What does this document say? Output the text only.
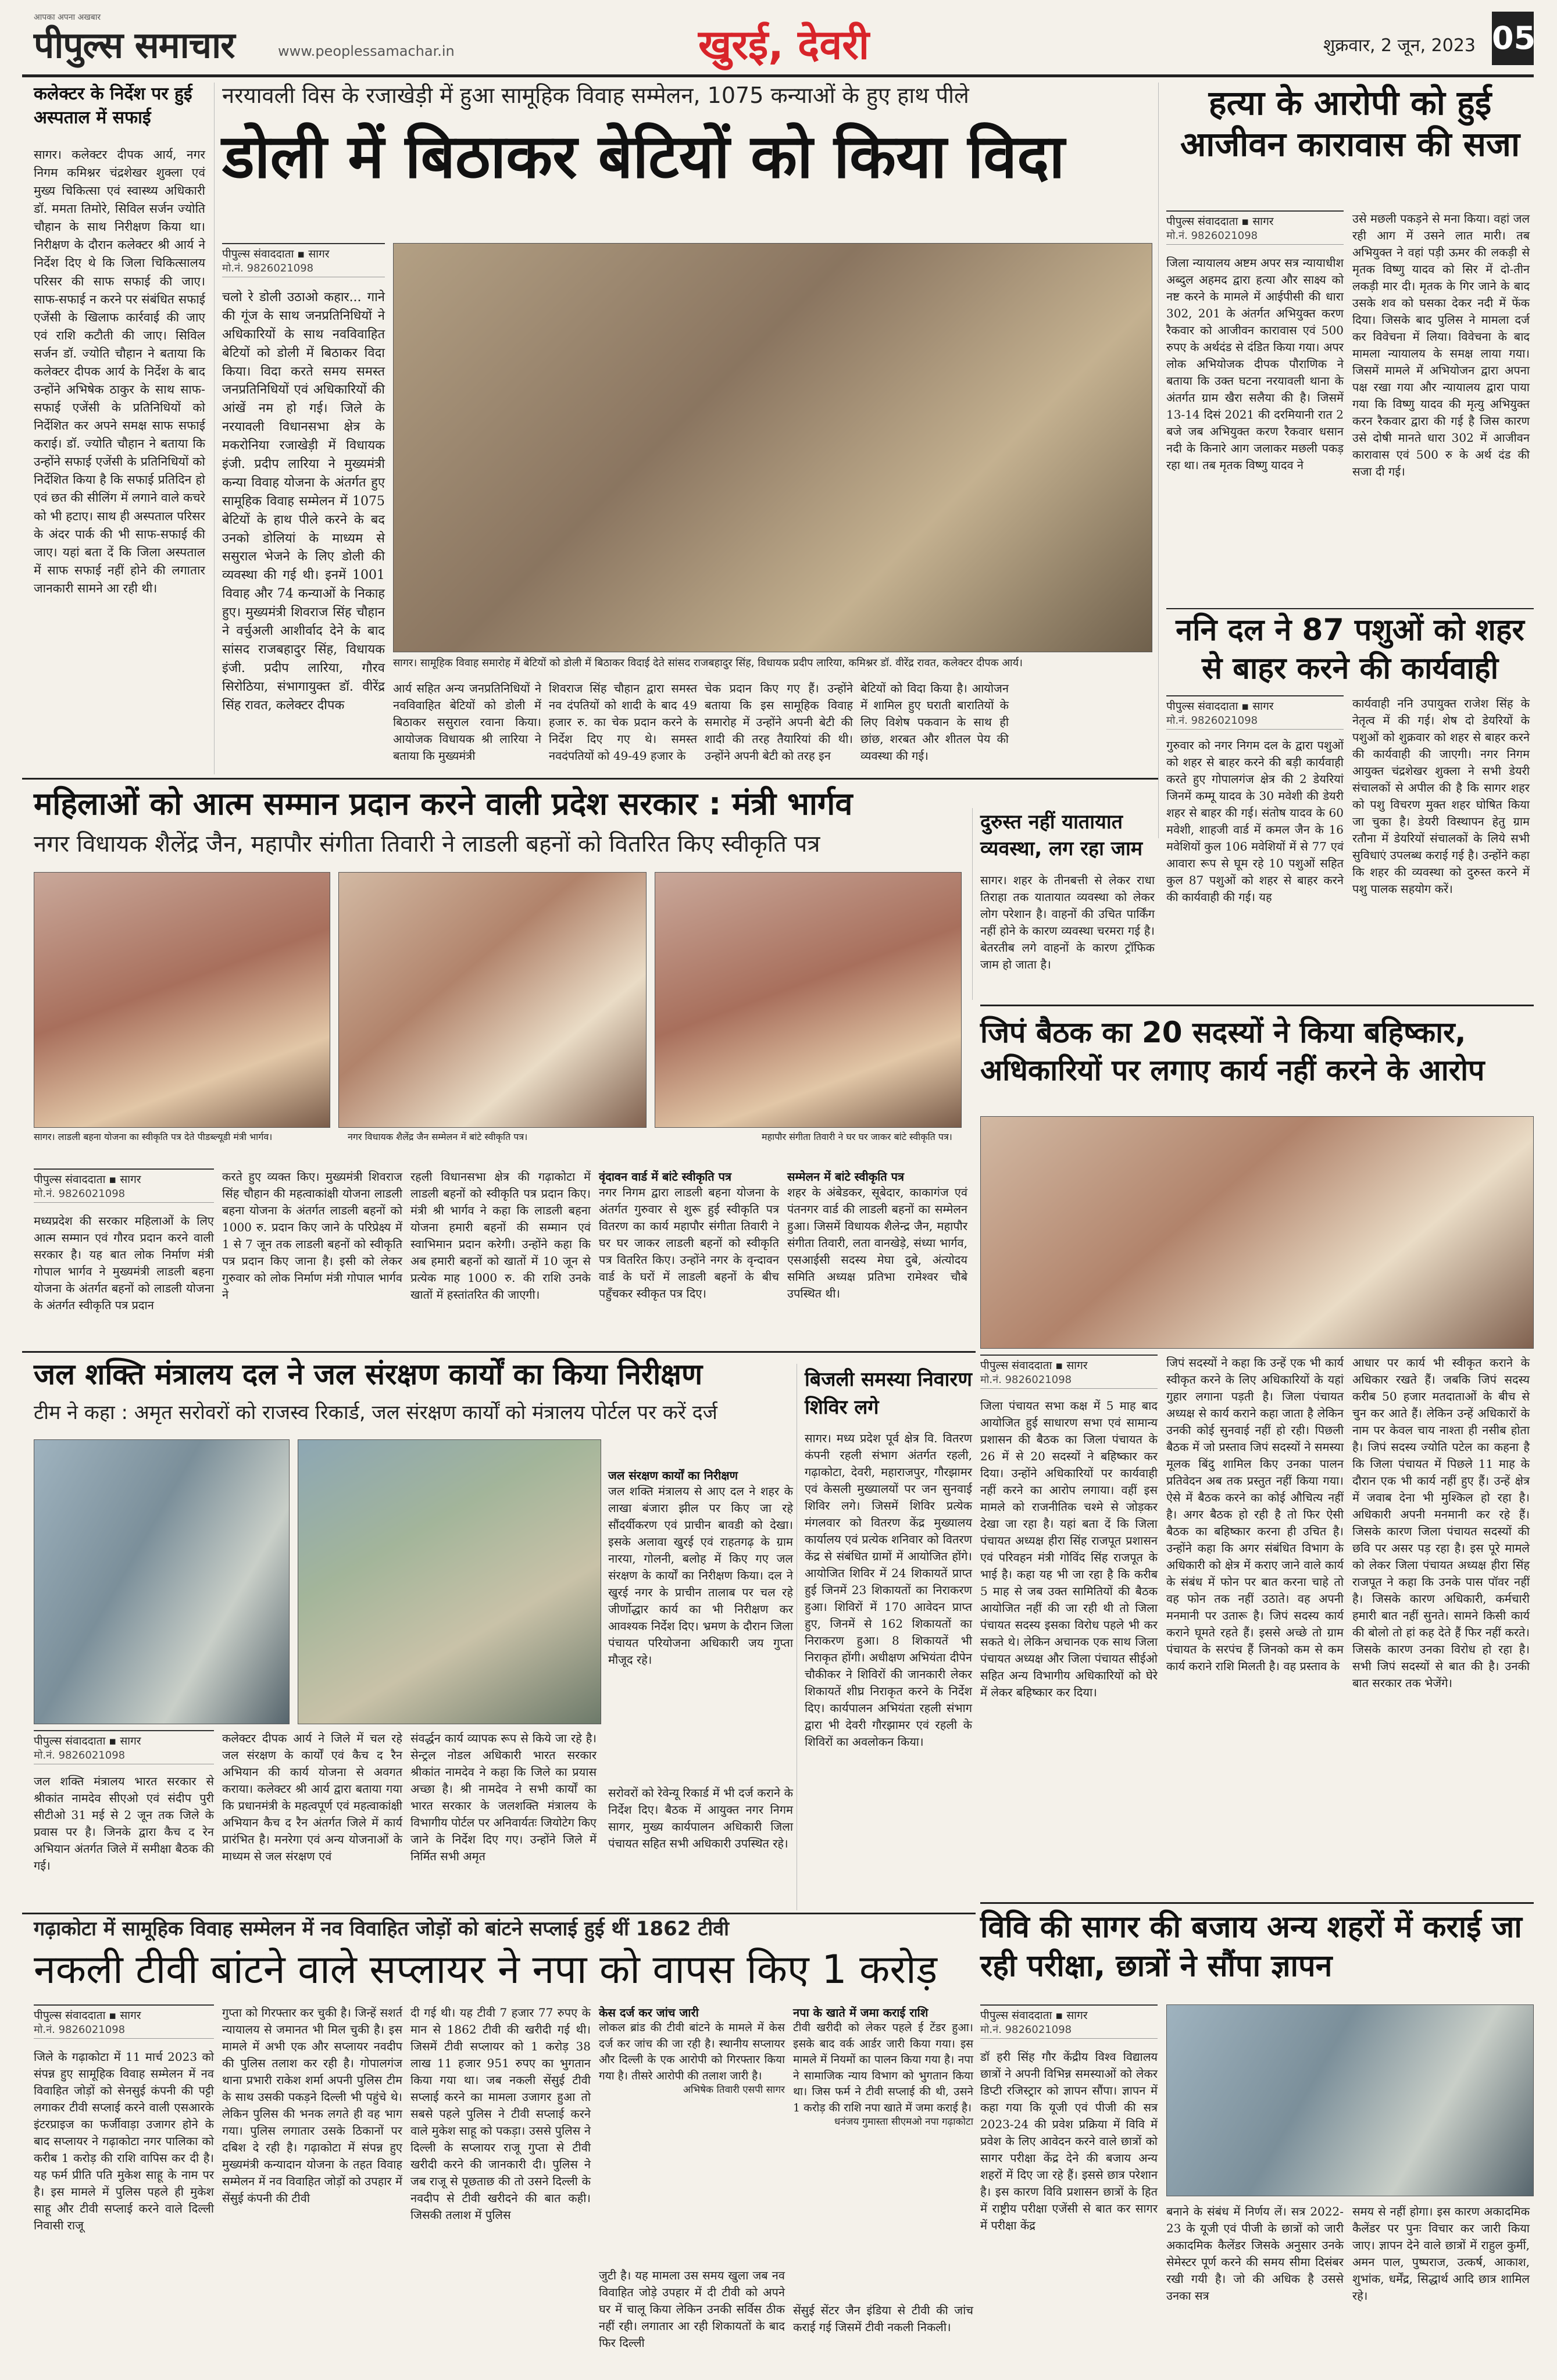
आपका अपना अखबार
पीपुल्स समाचार	www.peoplessamachar.in	खुरई, देवरी	शुक्रवार, 2 जून, 2023 05
कलेक्टर के निर्देश पर हुई अस्पताल में सफाई
सागर। कलेक्टर दीपक आर्य, नगर निगम कमिश्नर चंद्रशेखर शुक्ला एवं मुख्य चिकित्सा एवं स्वास्थ्य अधिकारी डॉ. ममता तिमोरे, सिविल सर्जन ज्योति चौहान के साथ निरीक्षण किया था। निरीक्षण के दौरान कलेक्टर श्री आर्य ने निर्देश दिए थे कि जिला चिकित्सालय परिसर की साफ सफाई की जाए। साफ-सफाई न करने पर संबंधित सफाई एजेंसी के खिलाफ कार्रवाई की जाए एवं राशि कटौती की जाए। सिविल सर्जन डॉ. ज्योति चौहान ने बताया कि कलेक्टर दीपक आर्य के निर्देश के बाद उन्होंने अभिषेक ठाकुर के साथ साफ-सफाई एजेंसी के प्रतिनिधियों को निर्देशित कर अपने समक्ष साफ सफाई कराई। डॉ. ज्योति चौहान ने बताया कि उन्होंने सफाई एजेंसी के प्रतिनिधियों को निर्देशित किया है कि सफाई प्रतिदिन हो एवं छत की सीलिंग में लगाने वाले कचरे को भी हटाए। साथ ही अस्पताल परिसर के अंदर पार्क की भी साफ-सफाई की जाए। यहां बता दें कि जिला अस्पताल में साफ सफाई नहीं होने की लगातार जानकारी सामने आ रही थी।
नरयावली विस के रजाखेड़ी में हुआ सामूहिक विवाह सम्मेलन, 1075 कन्याओं के हुए हाथ पीले
डोली में बिठाकर बेटियों को किया विदा
पीपुल्स संवाददाता ▪ सागर
मो.नं. 9826021098
चलो रे डोली उठाओ कहार... गाने की गूंज के साथ जनप्रतिनिधियों ने अधिकारियों के साथ नवविवाहित बेटियों को डोली में बिठाकर विदा किया। विदा करते समय समस्त जनप्रतिनिधियों एवं अधिकारियों की आंखें नम हो गई। जिले के नरयावली विधानसभा क्षेत्र के मकरोनिया रजाखेड़ी में विधायक इंजी. प्रदीप लारिया ने मुख्यमंत्री कन्या विवाह योजना के अंतर्गत हुए सामूहिक विवाह सम्मेलन में 1075 बेटियों के हाथ पीले करने के बद उनको डोलियां के माध्यम से ससुराल भेजने के लिए डोली की व्यवस्था की गई थी। इनमें 1001 विवाह और 74 कन्याओं के निकाह हुए। मुख्यमंत्री शिवराज सिंह चौहान ने वर्चुअली आशीर्वाद देने के बाद सांसद राजबहादुर सिंह, विधायक इंजी. प्रदीप लारिया, गौरव सिरोठिया, संभागायुक्त डॉ. वीरेंद्र सिंह रावत, कलेक्टर दीपक
सागर। सामूहिक विवाह समारोह में बेटियों को डोली में बिठाकर विदाई देते सांसद राजबहादुर सिंह, विधायक प्रदीप लारिया, कमिश्नर डॉ. वीरेंद्र रावत, कलेक्टर दीपक आर्य।
आर्य सहित अन्य जनप्रतिनिधियों ने नवविवाहित बेटियों को डोली में बिठाकर ससुराल रवाना किया। आयोजक विधायक श्री लारिया ने बताया कि मुख्यमंत्री
शिवराज सिंह चौहान द्वारा समस्त नव दंपतियों को शादी के बाद 49 हजार रु. का चेक प्रदान करने के निर्देश दिए गए थे। समस्त नवदंपतियों को 49-49 हजार के
चेक प्रदान किए गए हैं। उन्होंने बताया कि इस सामूहिक विवाह समारोह में उन्होंने अपनी बेटी की शादी की तरह तैयारियां की थी। उन्होंने अपनी बेटी को तरह इन
बेटियों को विदा किया है। आयोजन में शामिल हुए घराती बारातियों के लिए विशेष पकवान के साथ ही छांछ, शरबत और शीतल पेय की व्यवस्था की गई।
हत्या के आरोपी को हुई आजीवन कारावास की सजा
पीपुल्स संवाददाता ▪ सागर
मो.नं. 9826021098
जिला न्यायालय अष्टम अपर सत्र न्यायाधीश अब्दुल अहमद द्वारा हत्या और साक्ष्य को नष्ट करने के मामले में आईपीसी की धारा 302, 201 के अंतर्गत अभियुक्त करण रैकवार को आजीवन कारावास एवं 500 रुपए के अर्थदंड से दंडित किया गया। अपर लोक अभियोजक दीपक पौराणिक ने बताया कि उक्त घटना नरयावली थाना के अंतर्गत ग्राम खैरा सलैया की है। जिसमें 13-14 दिसं 2021 की दरमियानी रात 2 बजे जब अभियुक्त करण रैकवार धसान नदी के किनारे आग जलाकर मछली पकड़ रहा था। तब मृतक विष्णु यादव ने
उसे मछली पकड़ने से मना किया। वहां जल रही आग में उसने लात मारी। तब अभियुक्त ने वहां पड़ी ऊमर की लकड़ी से मृतक विष्णु यादव को सिर में दो-तीन लकड़ी मार दी। मृतक के गिर जाने के बाद उसके शव को घसका देकर नदी में फेंक दिया। जिसके बाद पुलिस ने मामला दर्ज कर विवेचना में लिया। विवेचना के बाद मामला न्यायालय के समक्ष लाया गया। जिसमें मामले में अभियोजन द्वारा अपना पक्ष रखा गया और न्यायालय द्वारा पाया गया कि विष्णु यादव की मृत्यु अभियुक्त करन रैकवार द्वारा की गई है जिस कारण उसे दोषी मानते धारा 302 में आजीवन कारावास एवं 500 रु के अर्थ दंड की सजा दी गई।
ननि दल ने 87 पशुओं को शहर से बाहर करने की कार्यवाही
पीपुल्स संवाददाता ▪ सागर
मो.नं. 9826021098
गुरुवार को नगर निगम दल के द्वारा पशुओं को शहर से बाहर करने की बड़ी कार्यवाही करते हुए गोपालगंज क्षेत्र की 2 डेयरियां जिनमें कम्मू यादव के 30 मवेशी की डेयरी शहर से बाहर की गई। संतोष यादव के 60 मवेशी, शाहजी वार्ड में कमल जैन के 16 मवेशियों कुल 106 मवेशियों में से 77 एवं आवारा रूप से घूम रहे 10 पशुओं सहित कुल 87 पशुओं को शहर से बाहर करने की कार्यवाही की गई। यह
कार्यवाही ननि उपायुक्त राजेश सिंह के नेतृत्व में की गई। शेष दो डेयरियों के पशुओं को शुक्रवार को शहर से बाहर करने की कार्यवाही की जाएगी। नगर निगम आयुक्त चंद्रशेखर शुक्ला ने सभी डेयरी संचालकों से अपील की है कि सागर शहर को पशु विचरण मुक्त शहर घोषित किया जा चुका है। डेयरी विस्थापन हेतु ग्राम रतौना में डेयरियों संचालकों के लिये सभी सुविधाएं उपलब्ध कराई गई है। उन्होंने कहा कि शहर की व्यवस्था को दुरुस्त करने में पशु पालक सहयोग करें।
महिलाओं को आत्म सम्मान प्रदान करने वाली प्रदेश सरकार : मंत्री भार्गव
नगर विधायक शैलेंद्र जैन, महापौर संगीता तिवारी ने लाडली बहनों को वितरित किए स्वीकृति पत्र
सागर। लाडली बहना योजना का स्वीकृति पत्र देते पीडब्ल्यूडी मंत्री भार्गव।	नगर विधायक शैलेंद्र जैन सम्मेलन में बांटे स्वीकृति पत्र।	महापौर संगीता तिवारी ने घर घर जाकर बांटे स्वीकृति पत्र।
पीपुल्स संवाददाता ▪ सागर
मो.नं. 9826021098
मध्यप्रदेश की सरकार महिलाओं के लिए आत्म सम्मान एवं गौरव प्रदान करने वाली सरकार है। यह बात लोक निर्माण मंत्री गोपाल भार्गव ने मुख्यमंत्री लाडली बहना योजना के अंतर्गत बहनों को लाडली योजना के अंतर्गत स्वीकृति पत्र प्रदान
करते हुए व्यक्त किए। मुख्यमंत्री शिवराज सिंह चौहान की महत्वाकांक्षी योजना लाडली बहना योजना के अंतर्गत लाडली बहनों को 1000 रु. प्रदान किए जाने के परिप्रेक्ष्य में 1 से 7 जून तक लाडली बहनों को स्वीकृति पत्र प्रदान किए जाना है। इसी को लेकर गुरुवार को लोक निर्माण मंत्री गोपाल भार्गव ने
रहली विधानसभा क्षेत्र की गढ़ाकोटा में लाडली बहनों को स्वीकृति पत्र प्रदान किए। मंत्री श्री भार्गव ने कहा कि लाडली बहना योजना हमारी बहनों की सम्मान एवं स्वाभिमान प्रदान करेगी। उन्होंने कहा कि अब हमारी बहनों को खातों में 10 जून से प्रत्येक माह 1000 रु. की राशि उनके खातों में हस्तांतरित की जाएगी।
वृंदावन वार्ड में बांटे स्वीकृति पत्र
नगर निगम द्वारा लाडली बहना योजना के अंतर्गत गुरुवार से शुरू हुई स्वीकृति पत्र वितरण का कार्य महापौर संगीता तिवारी ने घर घर जाकर लाडली बहनों को स्वीकृति पत्र वितरित किए। उन्होंने नगर के वृन्दावन वार्ड के घरों में लाडली बहनों के बीच पहुँचकर स्वीकृत पत्र दिए।
सम्मेलन में बांटे स्वीकृति पत्र
शहर के अंबेडकर, सूबेदार, काकागंज एवं पंतनगर वार्ड की लाडली बहनों का सम्मेलन हुआ। जिसमें विधायक शैलेन्द्र जैन, महापौर संगीता तिवारी, लता वानखेड़े, संध्या भार्गव, एसआईसी सदस्य मेघा दुबे, अंत्योदय समिति अध्यक्ष प्रतिभा रामेश्वर चौबे उपस्थित थी।
दुरुस्त नहीं यातायात व्यवस्था, लग रहा जाम
सागर। शहर के तीनबत्ती से लेकर राधा तिराहा तक यातायात व्यवस्था को लेकर लोग परेशान है। वाहनों की उचित पार्किंग नहीं होने के कारण व्यवस्था चरमरा गई है। बेतरतीब लगे वाहनों के कारण ट्रॉफिक जाम हो जाता है।
जिपं बैठक का 20 सदस्यों ने किया बहिष्कार, अधिकारियों पर लगाए कार्य नहीं करने के आरोप
पीपुल्स संवाददाता ▪ सागर
मो.नं. 9826021098
जिला पंचायत सभा कक्ष में 5 माह बाद आयोजित हुई साधारण सभा एवं सामान्य प्रशासन की बैठक का जिला पंचायत के 26 में से 20 सदस्यों ने बहिष्कार कर दिया। उन्होंने अधिकारियों पर कार्यवाही नहीं करने का आरोप लगाया। वहीं इस मामले को राजनीतिक चश्मे से जोड़कर देखा जा रहा है। यहां बता दें कि जिला पंचायत अध्यक्ष हीरा सिंह राजपूत प्रशासन एवं परिवहन मंत्री गोविंद सिंह राजपूत के भाई है। कहा यह भी जा रहा है कि करीब 5 माह से जब उक्त सामितियों की बैठक आयोजित नहीं की जा रही थी तो जिला पंचायत सदस्य इसका विरोध पहले भी कर सकते थे। लेकिन अचानक एक साथ जिला पंचायत अध्यक्ष और जिला पंचायत सीईओ सहित अन्य विभागीय अधिकारियों को घेरे में लेकर बहिष्कार कर दिया।
जिपं सदस्यों ने कहा कि उन्हें एक भी कार्य स्वीकृत करने के लिए अधिकारियों के यहां गुहार लगाना पड़ती है। जिला पंचायत अध्यक्ष से कार्य कराने कहा जाता है लेकिन उनकी कोई सुनवाई नहीं हो रही। पिछली बैठक में जो प्रस्ताव जिपं सदस्यों ने समस्या मूलक बिंदु शामिल किए उनका पालन प्रतिवेदन अब तक प्रस्तुत नहीं किया गया। ऐसे में बैठक करने का कोई औचित्य नहीं है। अगर बैठक हो रही है तो फिर ऐसी बैठक का बहिष्कार करना ही उचित है। उन्होंने कहा कि अगर संबंधित विभाग के अधिकारी को क्षेत्र में कराए जाने वाले कार्य के संबंध में फोन पर बात करना चाहे तो वह फोन तक नहीं उठाते। वह अपनी मनमानी पर उतारू है। जिपं सदस्य कार्य कराने घूमते रहते हैं। इससे अच्छे तो ग्राम पंचायत के सरपंच हैं जिनको कम से कम कार्य कराने राशि मिलती है। वह प्रस्ताव के
आधार पर कार्य भी स्वीकृत कराने के अधिकार रखते हैं। जबकि जिपं सदस्य करीब 50 हजार मतदाताओं के बीच से चुन कर आते हैं। लेकिन उन्हें अधिकारों के नाम पर केवल चाय नाश्ता ही नसीब होता है। जिपं सदस्य ज्योति पटेल का कहना है कि जिला पंचायत में पिछले 11 माह के दौरान एक भी कार्य नहीं हुए हैं। उन्हें क्षेत्र में जवाब देना भी मुश्किल हो रहा है। अधिकारी अपनी मनमानी कर रहे हैं। जिसके कारण जिला पंचायत सदस्यों की छवि पर असर पड़ रहा है। इस पूरे मामले को लेकर जिला पंचायत अध्यक्ष हीरा सिंह राजपूत ने कहा कि उनके पास पॉवर नहीं है। जिसके कारण अधिकारी, कर्मचारी हमारी बात नहीं सुनते। सामने किसी कार्य की बोलो तो हां कह देते हैं फिर नहीं करते। जिसके कारण उनका विरोध हो रहा है। सभी जिपं सदस्यों से बात की है। उनकी बात सरकार तक भेजेंगे।
जल शक्ति मंत्रालय दल ने जल संरक्षण कार्यों का किया निरीक्षण
टीम ने कहा : अमृत सरोवरों को राजस्व रिकार्ड, जल संरक्षण कार्यों को मंत्रालय पोर्टल पर करें दर्ज
जल संरक्षण कार्यों का निरीक्षण
जल शक्ति मंत्रालय से आए दल ने शहर के लाखा बंजारा झील पर किए जा रहे सौंदर्यीकरण एवं प्राचीन बावडी को देखा। इसके अलावा खुरई एवं राहतगढ़ के ग्राम नारया, गोलनी, बलोह में किए गए जल संरक्षण के कार्यों का निरीक्षण किया। दल ने खुरई नगर के प्राचीन तालाब पर चल रहे जीर्णोद्धार कार्य का भी निरीक्षण कर आवश्यक निर्देश दिए। भ्रमण के दौरान जिला पंचायत परियोजना अधिकारी जय गुप्ता मौजूद रहे।
पीपुल्स संवाददाता ▪ सागर
मो.नं. 9826021098
जल शक्ति मंत्रालय भारत सरकार से श्रीकांत नामदेव सीएओ एवं संदीप पुरी सीटीओ 31 मई से 2 जून तक जिले के प्रवास पर है। जिनके द्वारा कैच द रेन अभियान अंतर्गत जिले में समीक्षा बैठक की गई।
कलेक्टर दीपक आर्य ने जिले में चल रहे जल संरक्षण के कार्यों एवं कैच द रैन अभियान की कार्य योजना से अवगत कराया। कलेक्टर श्री आर्य द्वारा बताया गया कि प्रधानमंत्री के महत्वपूर्ण एवं महत्वाकांक्षी अभियान कैच द रैन अंतर्गत जिले में कार्य प्रारंभित है। मनरेगा एवं अन्य योजनाओं के माध्यम से जल संरक्षण एवं
संवर्द्धन कार्य व्यापक रूप से किये जा रहे है। सेन्ट्रल नोडल अधिकारी भारत सरकार श्रीकांत नामदेव ने कहा कि जिले का प्रयास अच्छा है। श्री नामदेव ने सभी कार्यों का भारत सरकार के जलशक्ति मंत्रालय के विभागीय पोर्टल पर अनिवार्यतः जियोटेग किए जाने के निर्देश दिए गए। उन्होंने जिले में निर्मित सभी अमृत
सरोवरों को रेवेन्यू रिकार्ड में भी दर्ज कराने के निर्देश दिए। बैठक में आयुक्त नगर निगम सागर, मुख्य कार्यपालन अधिकारी जिला पंचायत सहित सभी अधिकारी उपस्थित रहे।
बिजली समस्या निवारण शिविर लगे
सागर। मध्य प्रदेश पूर्व क्षेत्र वि. वितरण कंपनी रहली संभाग अंतर्गत रहली, गढ़ाकोटा, देवरी, महाराजपुर, गौरझामर एवं केसली मुख्यालयों पर जन सुनवाई शिविर लगे। जिसमें शिविर प्रत्येक मंगलवार को वितरण केंद्र मुख्यालय कार्यालय एवं प्रत्येक शनिवार को वितरण केंद्र से संबंधित ग्रामों में आयोजित होंगे। आयोजित शिविर में 24 शिकायतें प्राप्त हुई जिनमें 23 शिकायतों का निराकरण हुआ। शिविरों में 170 आवेदन प्राप्त हुए, जिनमें से 162 शिकायतों का निराकरण हुआ। 8 शिकायतें भी निराकृत होंगी। अधीक्षण अभियंता दीपेन चौकीकर ने शिविरों की जानकारी लेकर शिकायतें शीघ्र निराकृत करने के निर्देश दिए। कार्यपालन अभियंता रहली संभाग द्वारा भी देवरी गौरझामर एवं रहली के शिविरों का अवलोकन किया।
गढ़ाकोटा में सामूहिक विवाह सम्मेलन में नव विवाहित जोड़ों को बांटने सप्लाई हुई थीं 1862 टीवी
नकली टीवी बांटने वाले सप्लायर ने नपा को वापस किए 1 करोड़
पीपुल्स संवाददाता ▪ सागर
मो.नं. 9826021098
जिले के गढ़ाकोटा में 11 मार्च 2023 को संपन्न हुए सामूहिक विवाह सम्मेलन में नव विवाहित जोड़ों को सेनसुई कंपनी की पट्टी लगाकर टीवी सप्लाई करने वाली एसआरके इंटरप्राइज का फर्जीवाड़ा उजागर होने के बाद सप्लायर ने गढ़ाकोटा नगर पालिका को करीब 1 करोड़ की राशि वापिस कर दी है। यह फर्म प्रीति पति मुकेश साहू के नाम पर है। इस मामले में पुलिस पहले ही मुकेश साहू और टीवी सप्लाई करने वाले दिल्ली निवासी राजू
गुप्ता को गिरफ्तार कर चुकी है। जिन्हें सशर्त न्यायालय से जमानत भी मिल चुकी है। इस मामले में अभी एक और सप्लायर नवदीप की पुलिस तलाश कर रही है। गोपालगंज थाना प्रभारी राकेश शर्मा अपनी पुलिस टीम के साथ उसकी पकड़ने दिल्ली भी पहुंचे थे। लेकिन पुलिस की भनक लगते ही वह भाग गया। पुलिस लगातार उसके ठिकानों पर दबिश दे रही है। गढ़ाकोटा में संपन्न हुए मुख्यमंत्री कन्यादान योजना के तहत विवाह सम्मेलन में नव विवाहित जोड़ों को उपहार में सेंसुई कंपनी की टीवी
दी गई थी। यह टीवी 7 हजार 77 रुपए के मान से 1862 टीवी की खरीदी गई थी। जिसमें टीवी सप्लायर को 1 करोड़ 38 लाख 11 हजार 951 रुपए का भुगतान किया गया था। जब नकली सेंसुई टीवी सप्लाई करने का मामला उजागर हुआ तो सबसे पहले पुलिस ने टीवी सप्लाई करने वाले मुकेश साहू को पकड़ा। उससे पुलिस ने दिल्ली के सप्लायर राजू गुप्ता से टीवी खरीदी करने की जानकारी दी। पुलिस ने जब राजू से पूछताछ की तो उसने दिल्ली के नवदीप से टीवी खरीदने की बात कही। जिसकी तलाश में पुलिस
केस दर्ज कर जांच जारी
लोकल ब्रांड की टीवी बांटने के मामले में केस दर्ज कर जांच की जा रही है। स्थानीय सप्लायर और दिल्ली के एक आरोपी को गिरफ्तार किया गया है। तीसरे आरोपी की तलाश जारी है।
अभिषेक तिवारी एसपी सागर
जुटी है। यह मामला उस समय खुला जब नव विवाहित जोड़े उपहार में दी टीवी को अपने घर में चालू किया लेकिन उनकी सर्विस ठीक नहीं रही। लगातार आ रही शिकायतों के बाद फिर दिल्ली
नपा के खाते में जमा कराई राशि
टीवी खरीदी को लेकर पहले ई टेंडर हुआ। इसके बाद वर्क आर्डर जारी किया गया। इस मामले में नियमों का पालन किया गया है। नपा ने सामाजिक न्याय विभाग को भुगतान किया था। जिस फर्म ने टीवी सप्लाई की थी, उसने 1 करोड़ की राशि नपा खाते में जमा कराई है।
धनंजय गुमास्ता सीएमओ नपा गढ़ाकोटा
सेंसुई सेंटर जैन इंडिया से टीवी की जांच कराई गई जिसमें टीवी नकली निकली।
विवि की सागर की बजाय अन्य शहरों में कराई जा रही परीक्षा, छात्रों ने सौंपा ज्ञापन
पीपुल्स संवाददाता ▪ सागर
मो.नं. 9826021098
डॉ हरी सिंह गौर केंद्रीय विश्व विद्यालय छात्रों ने अपनी विभिन्न समस्याओं को लेकर डिप्टी रजिस्ट्रार को ज्ञापन सौंपा। ज्ञापन में कहा गया कि यूजी एवं पीजी की सत्र 2023-24 की प्रवेश प्रक्रिया में विवि में प्रवेश के लिए आवेदन करने वाले छात्रों को सागर परीक्षा केंद्र देने की बजाय अन्य शहरों में दिए जा रहे हैं। इससे छात्र परेशान है। इस कारण विवि प्रशासन छात्रों के हित में राष्ट्रीय परीक्षा एजेंसी से बात कर सागर में परीक्षा केंद्र
बनाने के संबंध में निर्णय लें। सत्र 2022-23 के यूजी एवं पीजी के छात्रों को जारी अकादमिक कैलेंडर जिसके अनुसार उनके सेमेस्टर पूर्ण करने की समय सीमा दिसंबर रखी गयी है। जो की अधिक है उससे उनका सत्र
समय से नहीं होगा। इस कारण अकादमिक कैलेंडर पर पुनः विचार कर जारी किया जाए। ज्ञापन देने वाले छात्रों में राहुल कुर्मी, अमन पाल, पुष्पराज, उत्कर्ष, आकाश, शुभांक, धर्मेंद्र, सिद्धार्थ आदि छात्र शामिल रहे।
